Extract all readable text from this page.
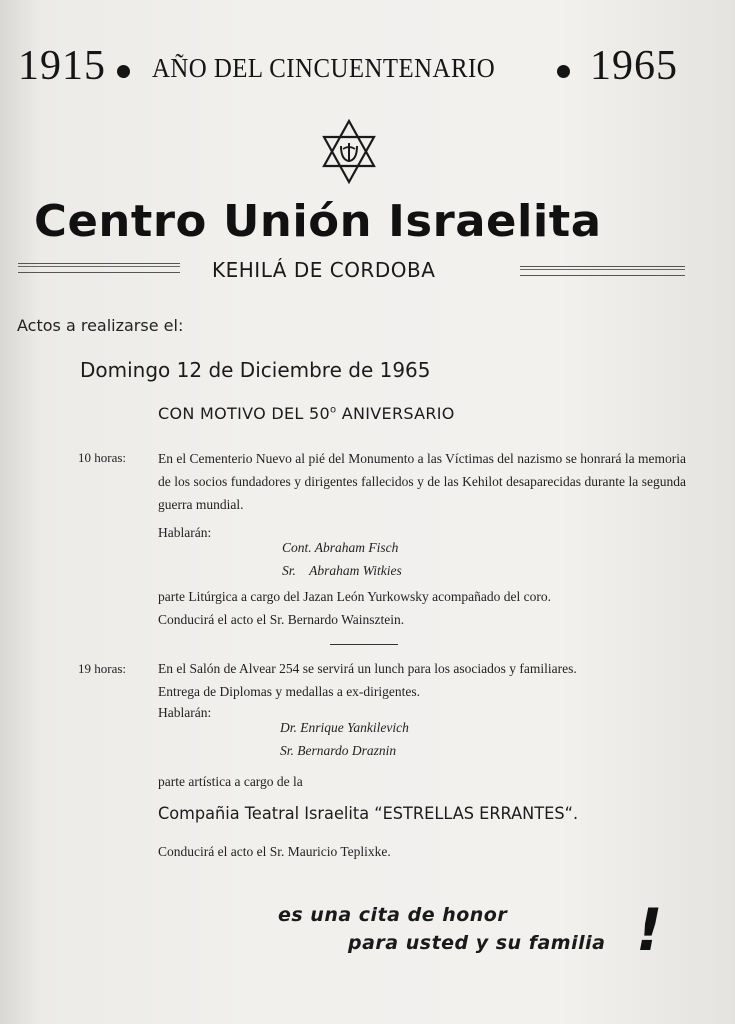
1915 AÑO DEL CINCUENTENARIO 1965
Centro Unión Israelita
KEHILÁ DE CORDOBA
Actos a realizarse el:
Domingo 12 de Diciembre de 1965
CON MOTIVO DEL 50$^o$ ANIVERSARIO
10 horas: En el Cementerio Nuevo al pié del Monumento a las Víctimas del nazismo se honrará la memoria de los socios fundadores y dirigentes fallecidos y de las Kehilot desaparecidas durante la segunda guerra mundial.
Hablarán:
Cont. Abraham Fisch
Sr.    Abraham Witkies
parte Litúrgica a cargo del Jazan León Yurkowsky acompañado del coro.
Conducirá el acto el Sr. Bernardo Wainsztein.
19 horas: En el Salón de Alvear 254 se servirá un lunch para los asociados y familiares.
Entrega de Diplomas y medallas a ex-dirigentes.
Hablarán:
Dr. Enrique Yankilevich
Sr. Bernardo Draznin
parte artística a cargo de la
Compañia Teatral Israelita “ESTRELLAS ERRANTES“.
Conducirá el acto el Sr. Mauricio Teplixke.
es una cita de honor
para usted y su familia !
